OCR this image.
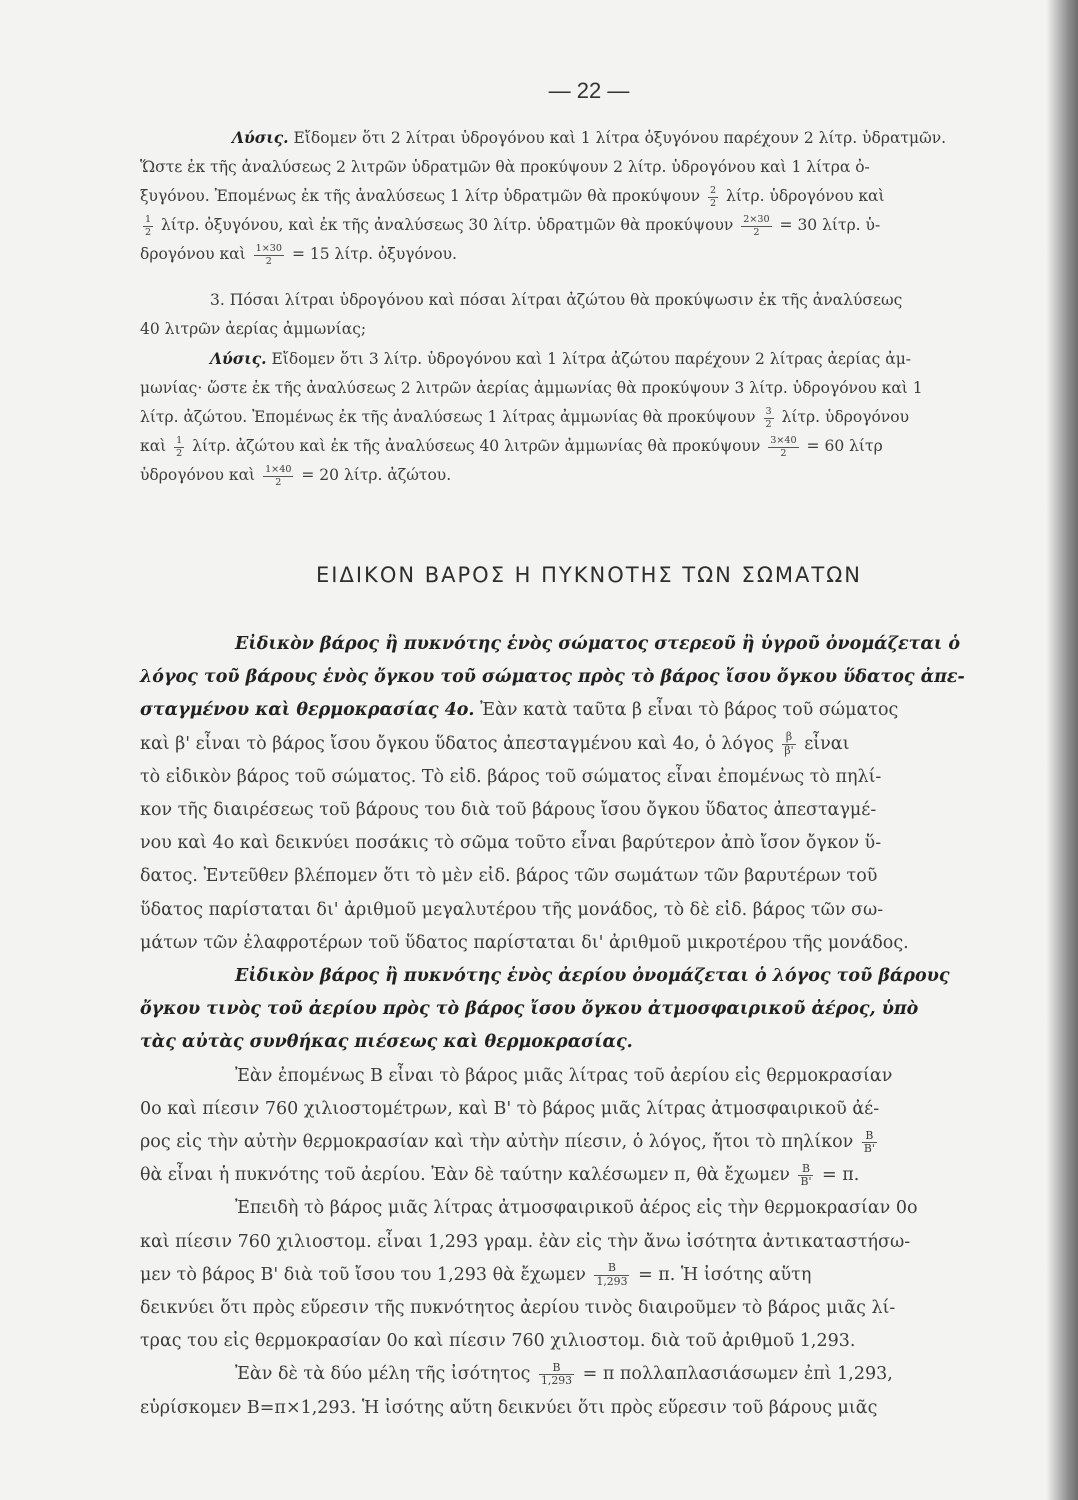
— 22 —
Λύσις. Εἴδομεν ὅτι 2 λίτραι ὑδρογόνου καὶ 1 λίτρα ὀξυγόνου παρέχουν 2 λίτρ. ὑδρατμῶν.
Ὥστε ἐκ τῆς ἀναλύσεως 2 λιτρῶν ὑδρατμῶν θὰ προκύψουν 2 λίτρ. ὑδρογόνου καὶ 1 λίτρα ὀ-
ξυγόνου. Ἐπομένως ἐκ τῆς ἀναλύσεως 1 λίτρ ὑδρατμῶν θὰ προκύψουν $\frac{2}{2} \lambda ί\tau\rho$. ὑδρογόνου καὶ
$\frac{1}{2} \lambda ί\tau\rho$. ὀξυγόνου, καὶ ἐκ τῆς ἀναλύσεως 30 λίτρ. ὑδρατμῶν θὰ προκύψουν $\frac{2\times 30}{2} = 30$ λίτρ. ὑ-
δρογόνου καὶ $\frac{1\times 30}{2} = 15$ λίτρ. ὀξυγόνου.
3. Πόσαι λίτραι ὑδρογόνου καὶ πόσαι λίτραι ἀζώτου θὰ προκύψωσιν ἐκ τῆς ἀναλύσεως
40 λιτρῶν ἀερίας ἀμμωνίας;
Λύσις. Εἴδομεν ὅτι 3 λίτρ. ὑδρογόνου καὶ 1 λίτρα ἀζώτου παρέχουν 2 λίτρας ἀερίας ἀμ-
μωνίας· ὥστε ἐκ τῆς ἀναλύσεως 2 λιτρῶν ἀερίας ἀμμωνίας θὰ προκύψουν 3 λίτρ. ὑδρογόνου καὶ 1
λίτρ. ἀζώτου. Ἐπομένως ἐκ τῆς ἀναλύσεως 1 λίτρας ἀμμωνίας θὰ προκύψουν $\frac{3}{2} \lambda ί\tau\rho$. ὑδρογόνου
καὶ $\frac{1}{2} \lambda ί\tau\rho$. ἀζώτου καὶ ἐκ τῆς ἀναλύσεως 40 λιτρῶν ἀμμωνίας θὰ προκύψουν $\frac{3\times 40}{2} = 60$ λίτρ
ὑδρογόνου καὶ $\frac{1\times 40}{2} = 20$ λίτρ. ἀζώτου.
ΕΙΔΙΚΟΝ ΒΑΡΟΣ Η ΠΥΚΝΟΤΗΣ ΤΩΝ ΣΩΜΑΤΩΝ
Εἰδικὸν βάρος ἢ πυκνότης ἑνὸς σώματος στερεοῦ ἢ ὑγροῦ ὀνομάζεται ὁ
λόγος τοῦ βάρους ἑνὸς ὄγκου τοῦ σώματος πρὸς τὸ βάρος ἴσου ὄγκου ὕδατος ἀπε-
σταγμένου καὶ θερμοκρασίας 4ο. Ἐὰν κατὰ ταῦτα β εἶναι τὸ βάρος τοῦ σώματος
καὶ β' εἶναι τὸ βάρος ἴσου ὄγκου ὕδατος ἀπεσταγμένου καὶ 4ο, ὁ λόγος $\frac{\beta}{\beta'}$ εἶναι
τὸ εἰδικὸν βάρος τοῦ σώματος. Τὸ εἰδ. βάρος τοῦ σώματος εἶναι ἐπομένως τὸ πηλί-
κον τῆς διαιρέσεως τοῦ βάρους του διὰ τοῦ βάρους ἴσου ὄγκου ὕδατος ἀπεσταγμέ-
νου καὶ 4ο καὶ δεικνύει ποσάκις τὸ σῶμα τοῦτο εἶναι βαρύτερον ἀπὸ ἴσον ὄγκον ὕ-
δατος. Ἐντεῦθεν βλέπομεν ὅτι τὸ μὲν εἰδ. βάρος τῶν σωμάτων τῶν βαρυτέρων τοῦ
ὕδατος παρίσταται δι' ἀριθμοῦ μεγαλυτέρου τῆς μονάδος, τὸ δὲ εἰδ. βάρος τῶν σω-
μάτων τῶν ἐλαφροτέρων τοῦ ὕδατος παρίσταται δι' ἀριθμοῦ μικροτέρου τῆς μονάδος.
Εἰδικὸν βάρος ἢ πυκνότης ἑνὸς ἀερίου ὀνομάζεται ὁ λόγος τοῦ βάρους
ὄγκου τινὸς τοῦ ἀερίου πρὸς τὸ βάρος ἴσου ὄγκου ἀτμοσφαιρικοῦ ἀέρος, ὑπὸ
τὰς αὐτὰς συνθήκας πιέσεως καὶ θερμοκρασίας.
Ἐὰν ἐπομένως B εἶναι τὸ βάρος μιᾶς λίτρας τοῦ ἀερίου εἰς θερμοκρασίαν
0ο καὶ πίεσιν 760 χιλιοστομέτρων, καὶ B' τὸ βάρος μιᾶς λίτρας ἀτμοσφαιρικοῦ ἀέ-
ρος εἰς τὴν αὐτὴν θερμοκρασίαν καὶ τὴν αὐτὴν πίεσιν, ὁ λόγος, ἤτοι τὸ πηλίκον $\frac{B}{B'}$
θὰ εἶναι ἡ πυκνότης τοῦ ἀερίου. Ἐὰν δὲ ταύτην καλέσωμεν π, θὰ ἔχωμεν $\frac{B}{B'} = \pi$.
Ἐπειδὴ τὸ βάρος μιᾶς λίτρας ἀτμοσφαιρικοῦ ἀέρος εἰς τὴν θερμοκρασίαν 0ο
καὶ πίεσιν 760 χιλιοστομ. εἶναι 1,293 γραμ. ἐὰν εἰς τὴν ἄνω ἰσότητα ἀντικαταστήσω-
μεν τὸ βάρος B' διὰ τοῦ ἴσου του 1,293 θὰ ἔχωμεν $\frac{B}{1,293} = \pi$. Ἡ ἰσότης αὕτη
δεικνύει ὅτι πρὸς εὕρεσιν τῆς πυκνότητος ἀερίου τινὸς διαιροῦμεν τὸ βάρος μιᾶς λί-
τρας του εἰς θερμοκρασίαν 0ο καὶ πίεσιν 760 χιλιοστομ. διὰ τοῦ ἀριθμοῦ 1,293.
Ἐὰν δὲ τὰ δύο μέλη τῆς ἰσότητος $\frac{B}{1,293} = \pi$ πολλαπλασιάσωμεν ἐπὶ 1,293,
εὑρίσκομεν B=π×1,293. Ἡ ἰσότης αὕτη δεικνύει ὅτι πρὸς εὕρεσιν τοῦ βάρους μιᾶς
